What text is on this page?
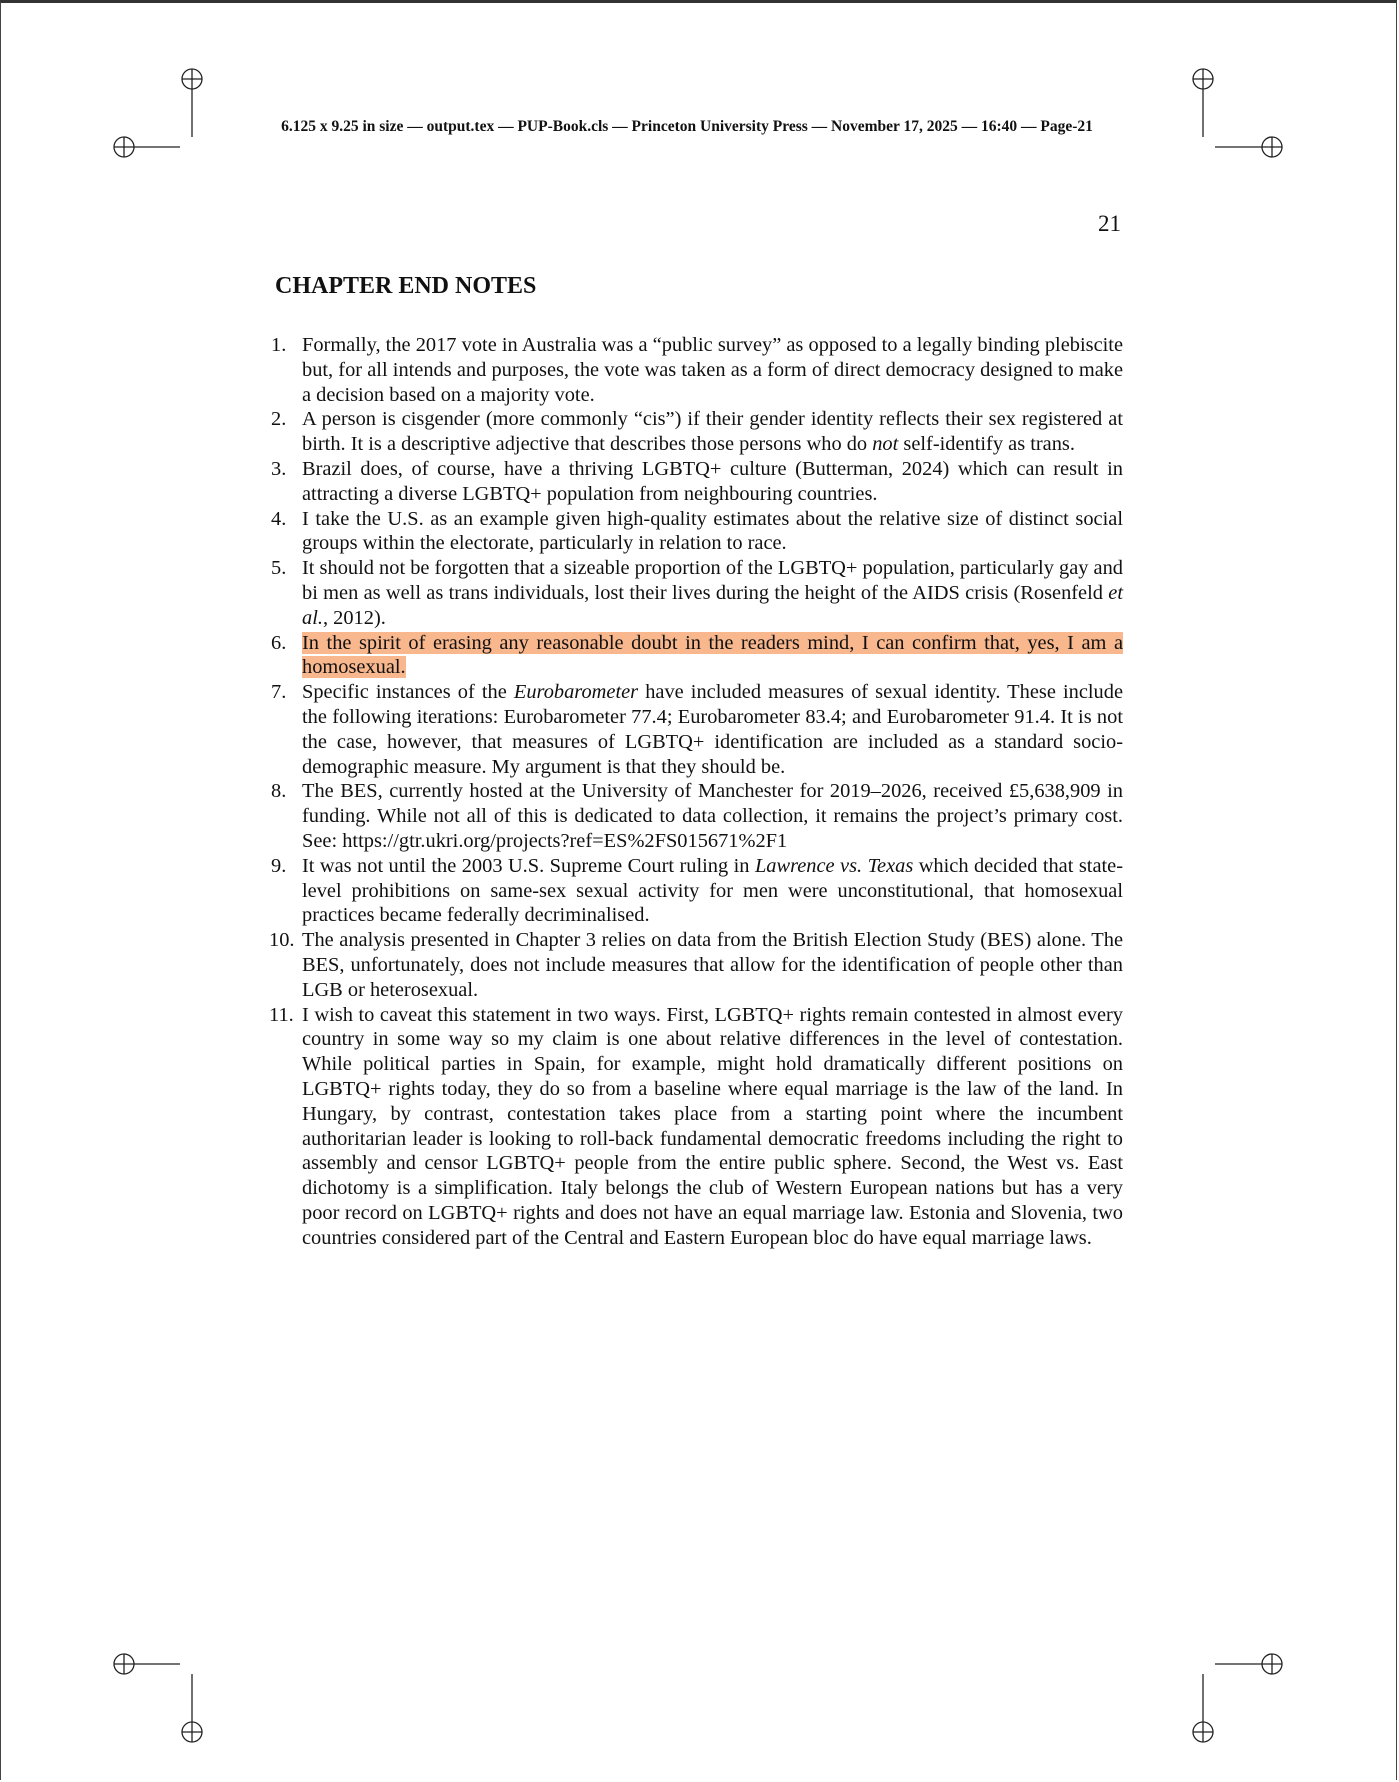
6.125 x 9.25 in size — output.tex — PUP-Book.cls — Princeton University Press — November 17, 2025 — 16:40 — Page-21
21
CHAPTER END NOTES
1. Formally, the 2017 vote in Australia was a “public survey” as opposed to a legally binding plebiscite but, for all intends and purposes, the vote was taken as a form of direct democracy designed to make a decision based on a majority vote.
2. A person is cisgender (more commonly “cis”) if their gender identity reflects their sex registered at birth. It is a descriptive adjective that describes those persons who do not self-identify as trans.
3. Brazil does, of course, have a thriving LGBTQ+ culture (Butterman, 2024) which can result in attracting a diverse LGBTQ+ population from neighbouring countries.
4. I take the U.S. as an example given high-quality estimates about the relative size of distinct social groups within the electorate, particularly in relation to race.
5. It should not be forgotten that a sizeable proportion of the LGBTQ+ population, particularly gay and bi men as well as trans individuals, lost their lives during the height of the AIDS crisis (Rosenfeld et al., 2012).
6. In the spirit of erasing any reasonable doubt in the readers mind, I can confirm that, yes, I am a homosexual.
7. Specific instances of the Eurobarometer have included measures of sexual identity. These include the following iterations: Eurobarometer 77.4; Eurobarometer 83.4; and Eurobarometer 91.4. It is not the case, however, that measures of LGBTQ+ identification are included as a standard socio-demographic measure. My argument is that they should be.
8. The BES, currently hosted at the University of Manchester for 2019–2026, received £5,638,909 in funding. While not all of this is dedicated to data collection, it remains the project’s primary cost. See: https://gtr.ukri.org/projects?ref=ES%2FS015671%2F1
9. It was not until the 2003 U.S. Supreme Court ruling in Lawrence vs. Texas which decided that state-level prohibitions on same-sex sexual activity for men were unconstitutional, that homosexual practices became federally decriminalised.
10. The analysis presented in Chapter 3 relies on data from the British Election Study (BES) alone. The BES, unfortunately, does not include measures that allow for the identification of people other than LGB or heterosexual.
11. I wish to caveat this statement in two ways. First, LGBTQ+ rights remain contested in almost every country in some way so my claim is one about relative differences in the level of contestation. While political parties in Spain, for example, might hold dramatically different positions on LGBTQ+ rights today, they do so from a baseline where equal marriage is the law of the land. In Hungary, by contrast, contestation takes place from a starting point where the incumbent authoritarian leader is looking to roll-back fundamental democratic freedoms including the right to assembly and censor LGBTQ+ people from the entire public sphere. Second, the West vs. East dichotomy is a simplification. Italy belongs the club of Western European nations but has a very poor record on LGBTQ+ rights and does not have an equal marriage law. Estonia and Slovenia, two countries considered part of the Central and Eastern European bloc do have equal marriage laws.
